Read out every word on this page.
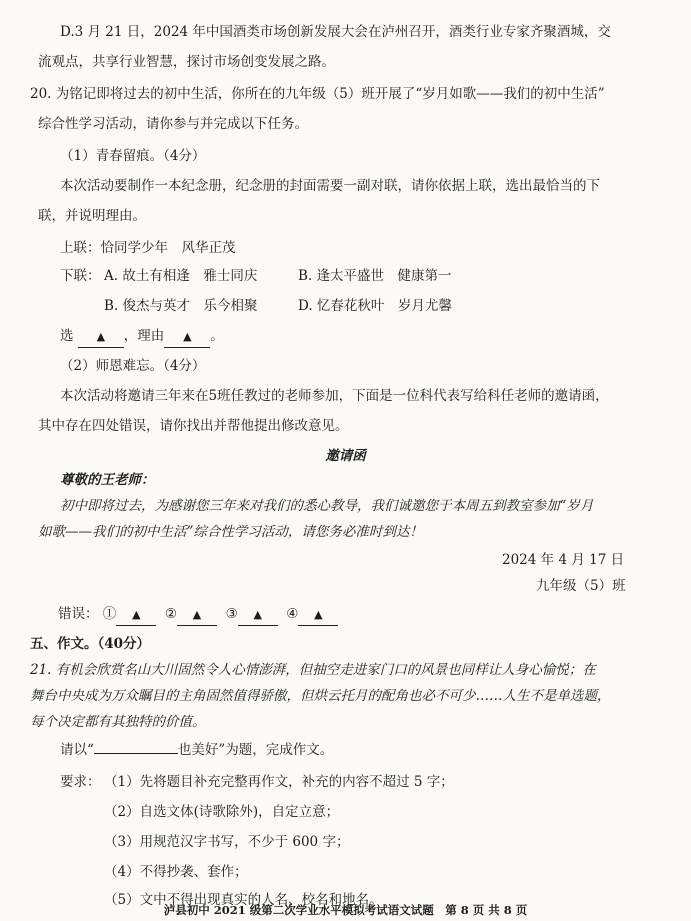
D.3 月 21 日，2024 年中国酒类市场创新发展大会在泸州召开，酒类行业专家齐聚酒城，交
流观点，共享行业智慧，探讨市场创变发展之路。
20. 为铭记即将过去的初中生活，你所在的九年级（5）班开展了“岁月如歌——我们的初中生活”
综合性学习活动，请你参与并完成以下任务。
（1）青春留痕。（4分）
本次活动要制作一本纪念册，纪念册的封面需要一副对联，请你依据上联，选出最恰当的下
联，并说明理由。
上联：恰同学少年　风华正茂
下联： A. 故土有相逢　雅士同庆	B. 逢太平盛世　健康第一
B. 俊杰与英才　乐今相聚	D. 忆春花秋叶　岁月尤馨
选 ▲ ，理由 ▲ 。
（2）师恩难忘。（4分）
本次活动将邀请三年来在5班任教过的老师参加，下面是一位科代表写给科任老师的邀请函，
其中存在四处错误，请你找出并帮他提出修改意见。
邀请函
尊敬的王老师：
初中即将过去，为感谢您三年来对我们的悉心教导，我们诚邀您于本周五到教室参加“岁月
如歌——我们的初中生活”综合性学习活动，请您务必准时到达！
2024 年 4 月 17 日
九年级（5）班
错误： ① ▲ ② ▲ ③ ▲ ④ ▲
五、作文。（40分）
21. 有机会欣赏名山大川固然令人心情澎湃，但抽空走进家门口的风景也同样让人身心愉悦；在
舞台中央成为万众瞩目的主角固然值得骄傲，但烘云托月的配角也必不可少……人生不是单选题，
每个决定都有其独特的价值。
请以“	也美好”为题，完成作文。
要求： （1）先将题目补充完整再作文，补充的内容不超过 5 字；
（2）自选文体(诗歌除外)，自定立意；
（3）用规范汉字书写，不少于 600 字；
（4）不得抄袭、套作；
（5）文中不得出现真实的人名、校名和地名。
泸县初中 2021 级第二次学业水平模拟考试语文试题　第 8 页 共 8 页
